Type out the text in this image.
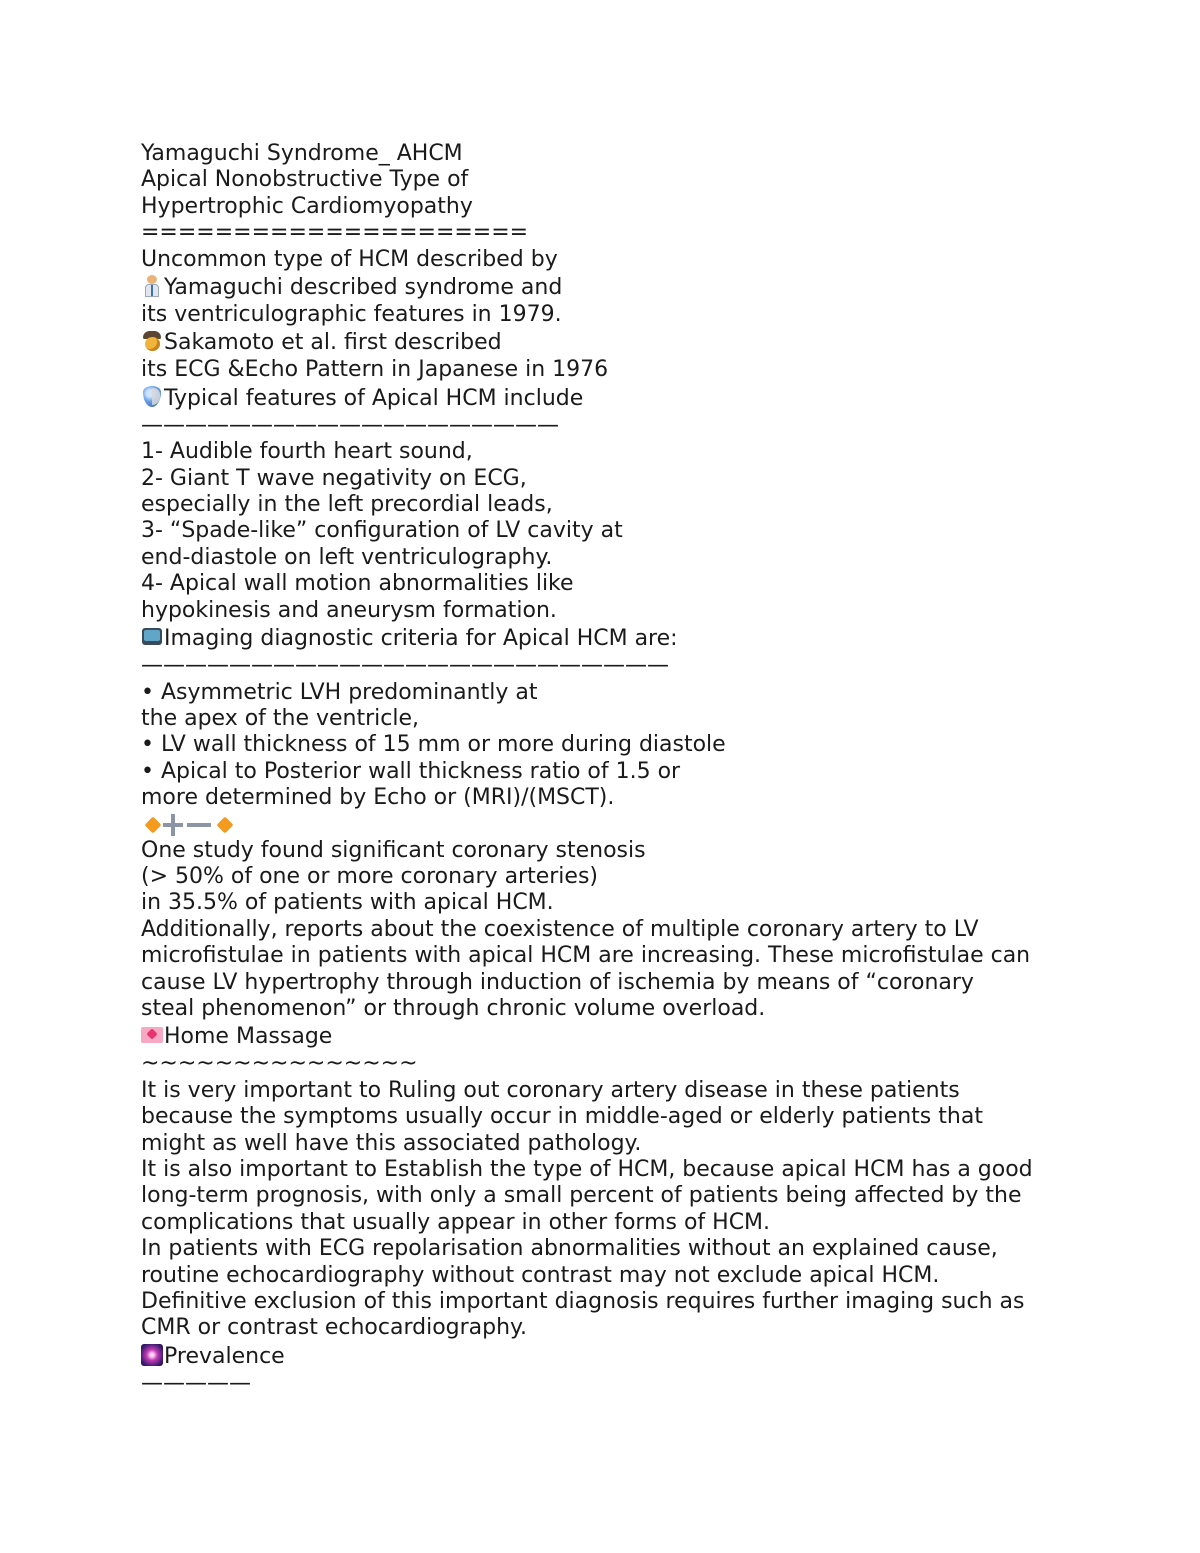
Yamaguchi Syndrome_ AHCM
Apical Nonobstructive Type of
Hypertrophic Cardiomyopathy
=====================
Uncommon type of HCM described by
Yamaguchi described syndrome and
its ventriculographic features in 1979.
Sakamoto et al. first described
its ECG &Echo Pattern in Japanese in 1976
Typical features of Apical HCM include
———————————————————
1- Audible fourth heart sound,
2- Giant T wave negativity on ECG,
especially in the left precordial leads,
3- “Spade-like” configuration of LV cavity at
end-diastole on left ventriculography.
4- Apical wall motion abnormalities like
hypokinesis and aneurysm formation.
Imaging diagnostic criteria for Apical HCM are:
————————————————————————
• Asymmetric LVH predominantly at
the apex of the ventricle,
• LV wall thickness of 15 mm or more during diastole
• Apical to Posterior wall thickness ratio of 1.5 or
more determined by Echo or (MRI)/(MSCT).
One study found significant coronary stenosis
(> 50% of one or more coronary arteries)
in 35.5% of patients with apical HCM.
Additionally, reports about the coexistence of multiple coronary artery to LV
microfistulae in patients with apical HCM are increasing. These microfistulae can
cause LV hypertrophy through induction of ischemia by means of “coronary
steal phenomenon” or through chronic volume overload.
Home Massage
~~~~~~~~~~~~~~~
It is very important to Ruling out coronary artery disease in these patients
because the symptoms usually occur in middle-aged or elderly patients that
might as well have this associated pathology.
It is also important to Establish the type of HCM, because apical HCM has a good
long-term prognosis, with only a small percent of patients being affected by the
complications that usually appear in other forms of HCM.
In patients with ECG repolarisation abnormalities without an explained cause,
routine echocardiography without contrast may not exclude apical HCM.
Definitive exclusion of this important diagnosis requires further imaging such as
CMR or contrast echocardiography.
Prevalence
—————
